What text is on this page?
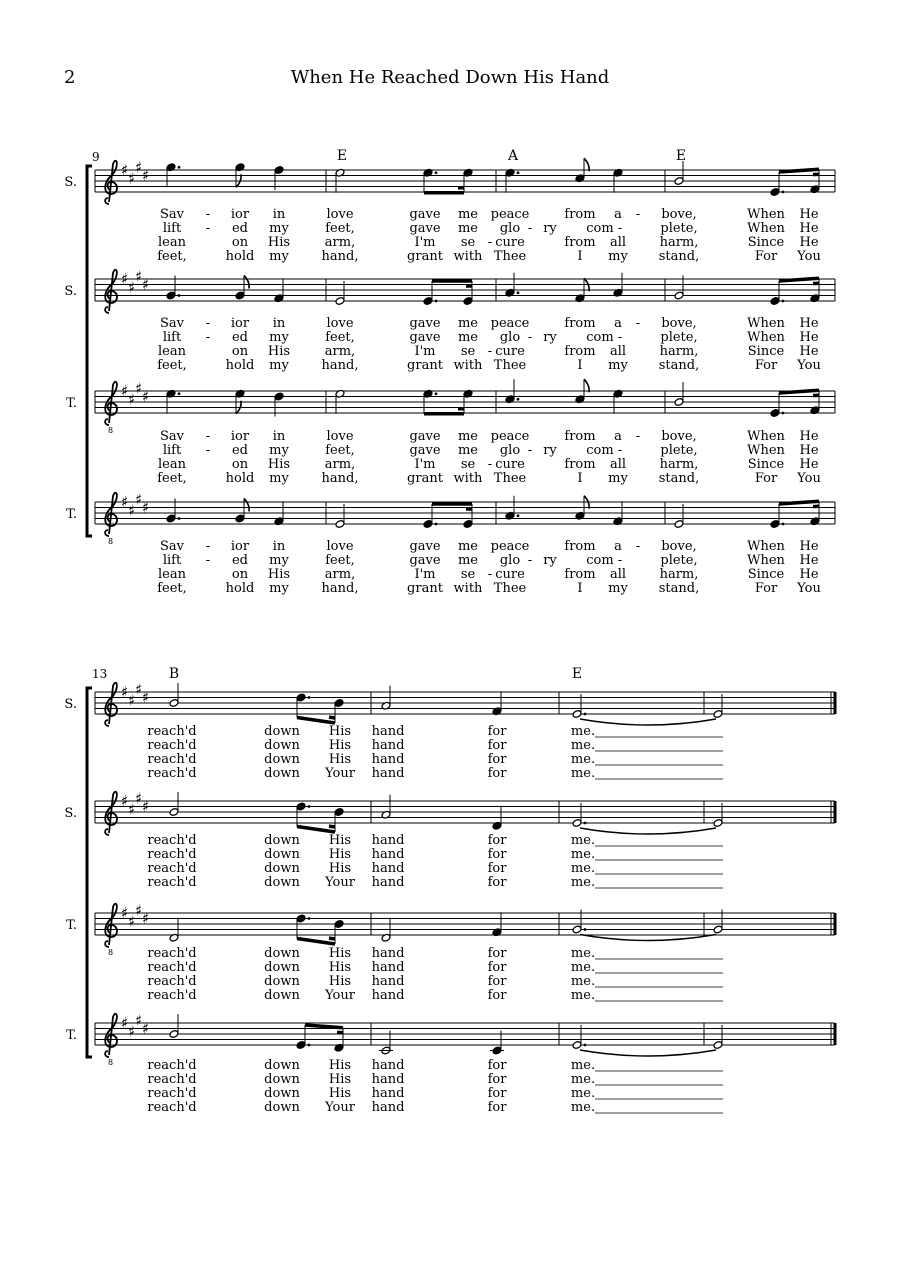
2	When He Reached Down His Hand
9	E	A	E
13	B	E
♯ ♯
♯ ♯
♯ ♯
♯ ♯
8
♯ ♯
♯ ♯
8
♯ ♯
♯ ♯
♯ ♯
♯ ♯
♯ ♯
♯ ♯
8
♯ ♯
♯ ♯
8
♯ ♯
♯ ♯
S.
S.
T.
T.
S.
S.
T.
T.
Sav - ior in	love	gave me peace	from a - bove,	When He
lift - ed my	feet,	gave me glo - ry com -	plete,	When He
lean	on His	arm,	I'm se - cure	from all	harm,	Since He
feet,	hold my	hand,	grant with Thee	I my stand,	For You
Sav - ior in	love	gave me peace	from a - bove,	When He
lift - ed my	feet,	gave me glo - ry com -	plete,	When He
lean	on His	arm,	I'm se - cure	from all	harm,	Since He
feet,	hold my	hand,	grant with Thee	I my stand,	For You
Sav - ior in	love	gave me peace	from a - bove,	When He
lift - ed my	feet,	gave me glo - ry com -	plete,	When He
lean	on His	arm,	I'm se - cure	from all	harm,	Since He
feet,	hold my	hand,	grant with Thee	I my stand,	For You
Sav - ior in	love	gave me peace	from a - bove,	When He
lift - ed my	feet,	gave me glo - ry com -	plete,	When He
lean	on His	arm,	I'm se - cure	from all	harm,	Since He
feet,	hold my	hand,	grant with Thee	I my stand,	For You
reach'd	down His hand	for	me.
reach'd	down His hand	for	me.
reach'd	down His hand	for	me.
reach'd	down Your hand	for	me.
reach'd	down His hand	for	me.
reach'd	down His hand	for	me.
reach'd	down His hand	for	me.
reach'd	down Your hand	for	me.
reach'd	down His hand	for	me.
reach'd	down His hand	for	me.
reach'd	down His hand	for	me.
reach'd	down Your hand	for	me.
reach'd	down His hand	for	me.
reach'd	down His hand	for	me.
reach'd	down His hand	for	me.
reach'd	down Your hand	for	me.
